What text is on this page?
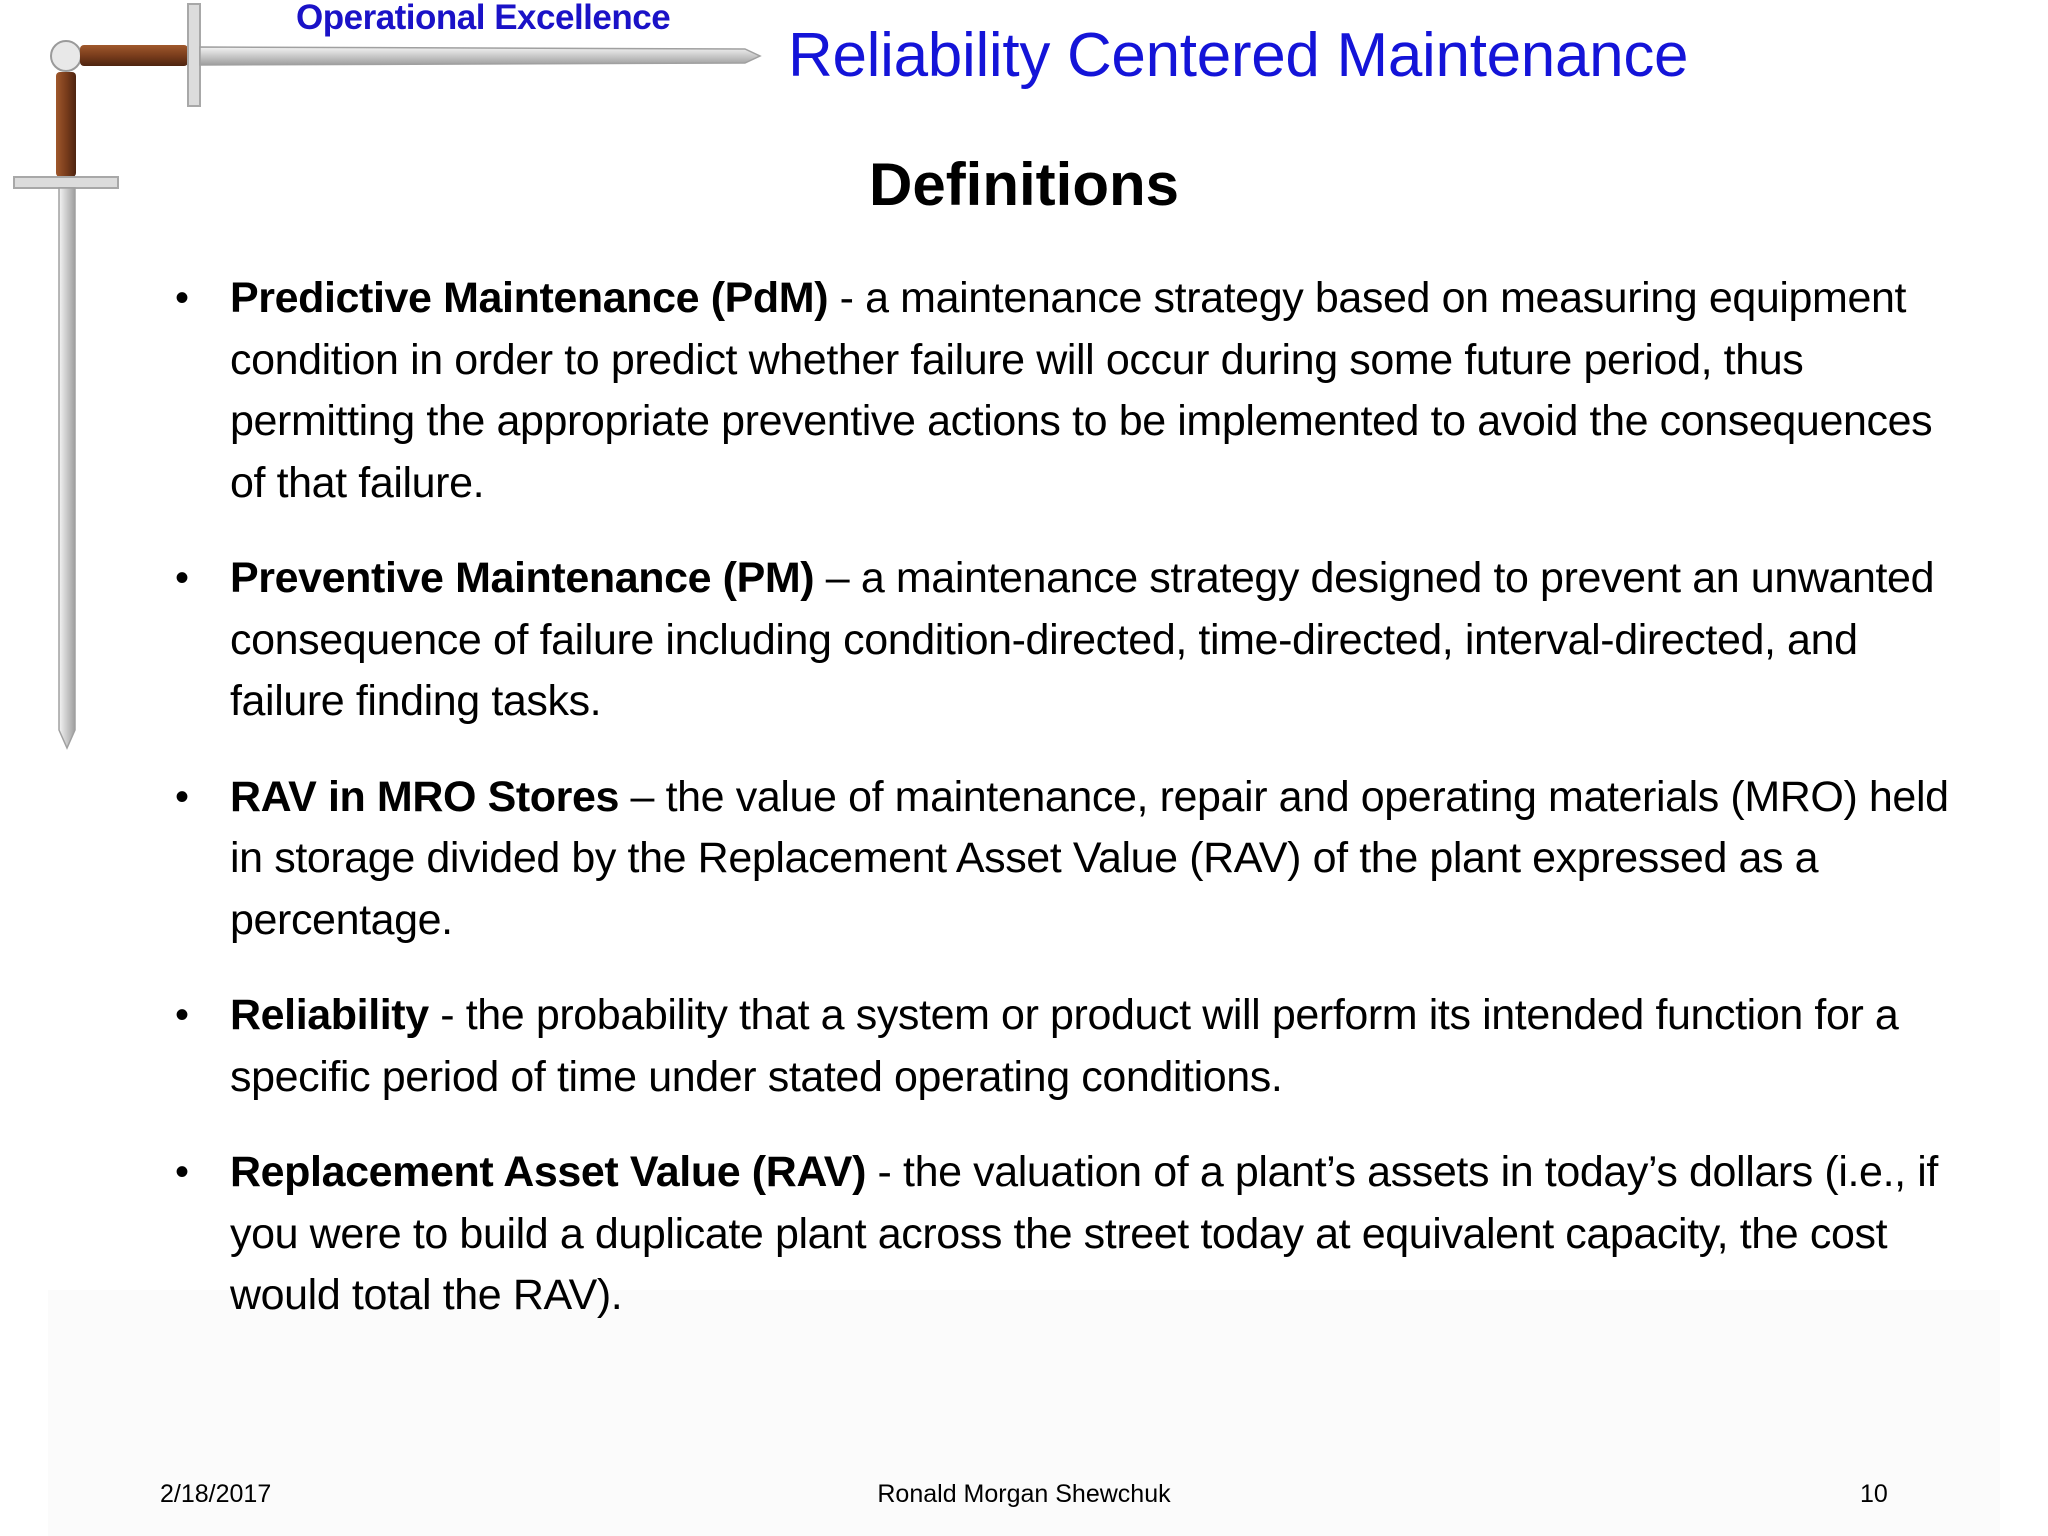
Operational Excellence
Reliability Centered Maintenance
Definitions
• Predictive Maintenance (PdM) - a maintenance strategy based on measuring equipment condition in order to predict whether failure will occur during some future period, thus permitting the appropriate preventive actions to be implemented to avoid the consequences of that failure.
• Preventive Maintenance (PM) – a maintenance strategy designed to prevent an unwanted consequence of failure including condition-directed, time-directed, interval-directed, and failure finding tasks.
• RAV in MRO Stores – the value of maintenance, repair and operating materials (MRO) held in storage divided by the Replacement Asset Value (RAV) of the plant expressed as a percentage.
• Reliability - the probability that a system or product will perform its intended function for a specific period of time under stated operating conditions.
• Replacement Asset Value (RAV) - the valuation of a plant’s assets in today’s dollars (i.e., if you were to build a duplicate plant across the street today at equivalent capacity, the cost would total the RAV).
2/18/2017	Ronald Morgan Shewchuk	10
